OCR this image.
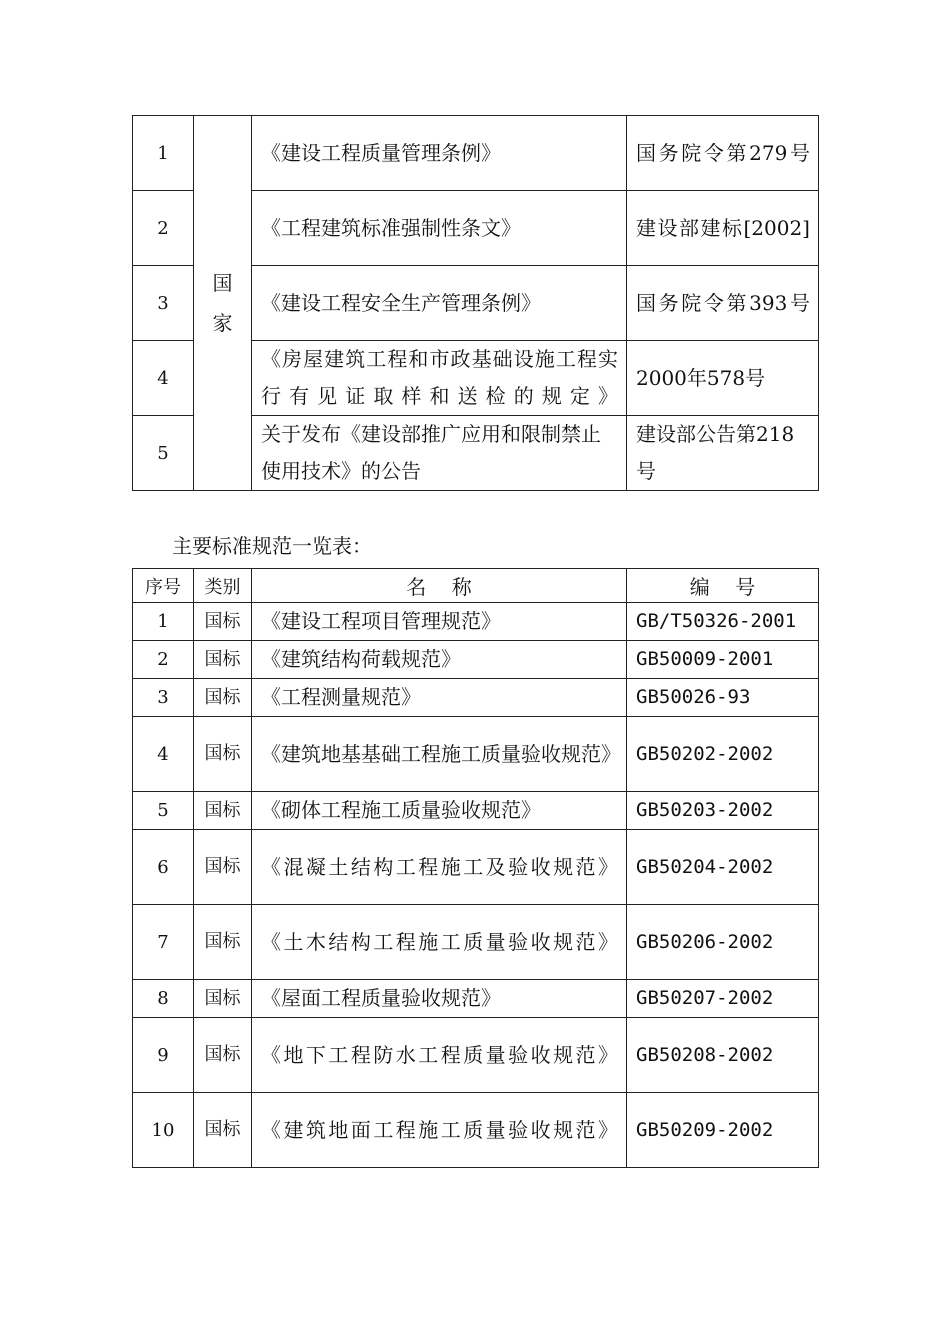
1	国家	《建设工程质量管理条例》	国务院令第279号
2		《工程建筑标准强制性条文》	建设部建标[2002]
3		《建设工程安全生产管理条例》	国务院令第393号
4		《房屋建筑工程和市政基础设施工程实行有见证取样和送检的规定》	2000年578号
5		关于发布《建设部推广应用和限制禁止使用技术》的公告	建设部公告第218号
主要标准规范一览表：
序号	类别	名    称	编    号
1	国标	《建设工程项目管理规范》	GB/T50326-2001
2	国标	《建筑结构荷载规范》	GB50009-2001
3	国标	《工程测量规范》	GB50026-93
4	国标	《建筑地基基础工程施工质量验收规范》	GB50202-2002
5	国标	《砌体工程施工质量验收规范》	GB50203-2002
6	国标	《混凝土结构工程施工及验收规范》	GB50204-2002
7	国标	《土木结构工程施工质量验收规范》	GB50206-2002
8	国标	《屋面工程质量验收规范》	GB50207-2002
9	国标	《地下工程防水工程质量验收规范》	GB50208-2002
10	国标	《建筑地面工程施工质量验收规范》	GB50209-2002
